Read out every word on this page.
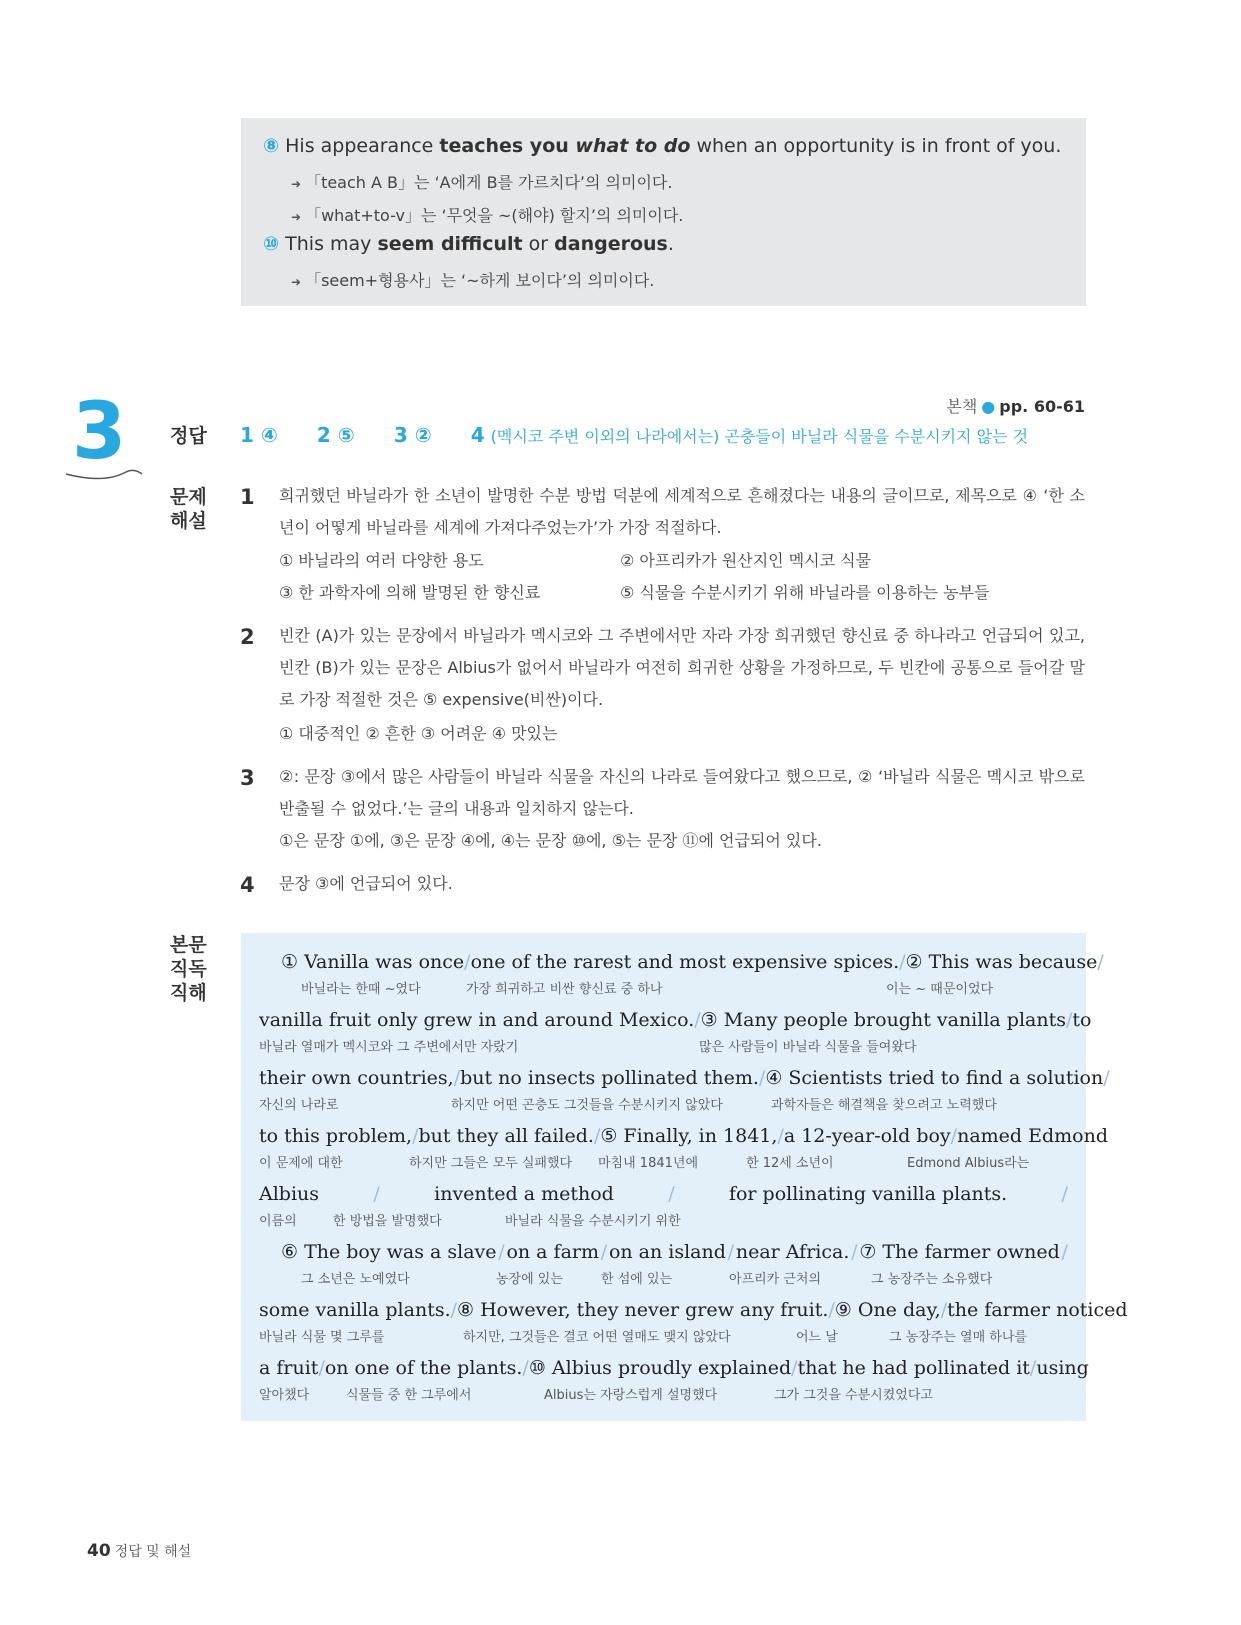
⑧ His appearance teaches you what to do when an opportunity is in front of you.
➜ 「teach A B」는 ‘A에게 B를 가르치다’의 의미이다.
➜ 「what+to-v」는 ‘무엇을 ~(해야) 할지’의 의미이다.
⑩ This may seem difficult or dangerous.
➜ 「seem+형용사」는 ‘~하게 보이다’의 의미이다.
3	본책 ● pp. 60-61
정답 1 ④ 2 ⑤ 3 ② 4 (멕시코 주변 이외의 나라에서는) 곤충들이 바닐라 식물을 수분시키지 않는 것
문제
해설
1 희귀했던 바닐라가 한 소년이 발명한 수분 방법 덕분에 세계적으로 흔해졌다는 내용의 글이므로, 제목으로 ④ ‘한 소년이 어떻게 바닐라를 세계에 가져다주었는가’가 가장 적절하다.
① 바닐라의 여러 다양한 용도	② 아프리카가 원산지인 멕시코 식물
③ 한 과학자에 의해 발명된 한 향신료	⑤ 식물을 수분시키기 위해 바닐라를 이용하는 농부들
2 빈칸 (A)가 있는 문장에서 바닐라가 멕시코와 그 주변에서만 자라 가장 희귀했던 향신료 중 하나라고 언급되어 있고, 빈칸 (B)가 있는 문장은 Albius가 없어서 바닐라가 여전히 희귀한 상황을 가정하므로, 두 빈칸에 공통으로 들어갈 말로 가장 적절한 것은 ⑤ expensive(비싼)이다.
① 대중적인 ② 흔한 ③ 어려운 ④ 맛있는
3 ②: 문장 ③에서 많은 사람들이 바닐라 식물을 자신의 나라로 들여왔다고 했으므로, ② ‘바닐라 식물은 멕시코 밖으로 반출될 수 없었다.’는 글의 내용과 일치하지 않는다.
①은 문장 ①에, ③은 문장 ④에, ④는 문장 ⑩에, ⑤는 문장 ⑪에 언급되어 있다.
4 문장 ③에 언급되어 있다.
본문
직독
직해
① Vanilla was once / one of the rarest and most expensive spices. / ② This was because /
바닐라는 한때 ~였다	가장 희귀하고 비싼 향신료 중 하나	이는 ~ 때문이었다
vanilla fruit only grew in and around Mexico. / ③ Many people brought vanilla plants / to
바닐라 열매가 멕시코와 그 주변에서만 자랐기	많은 사람들이 바닐라 식물을 들여왔다
their own countries, / but no insects pollinated them. / ④ Scientists tried to find a solution /
자신의 나라로	하지만 어떤 곤충도 그것들을 수분시키지 않았다	과학자들은 해결책을 찾으려고 노력했다
to this problem, / but they all failed. / ⑤ Finally, in 1841, / a 12-year-old boy / named Edmond
이 문제에 대한	하지만 그들은 모두 실패했다 마침내 1841년에	한 12세 소년이	Edmond Albius라는
Albius	/	invented a method	/	for pollinating vanilla plants.	/
이름의	한 방법을 발명했다	바닐라 식물을 수분시키기 위한
⑥ The boy was a slave / on a farm / on an island / near Africa. / ⑦ The farmer owned /
그 소년은 노예였다	농장에 있는	한 섬에 있는	아프리카 근처의	그 농장주는 소유했다
some vanilla plants. / ⑧ However, they never grew any fruit. / ⑨ One day, / the farmer noticed
바닐라 식물 몇 그루를	하지만, 그것들은 결코 어떤 열매도 맺지 않았다	어느 날	그 농장주는 열매 하나를
a fruit / on one of the plants. / ⑩ Albius proudly explained / that he had pollinated it / using
알아챘다	식물들 중 한 그루에서	Albius는 자랑스럽게 설명했다	그가 그것을 수분시켰었다고
40 정답 및 해설
